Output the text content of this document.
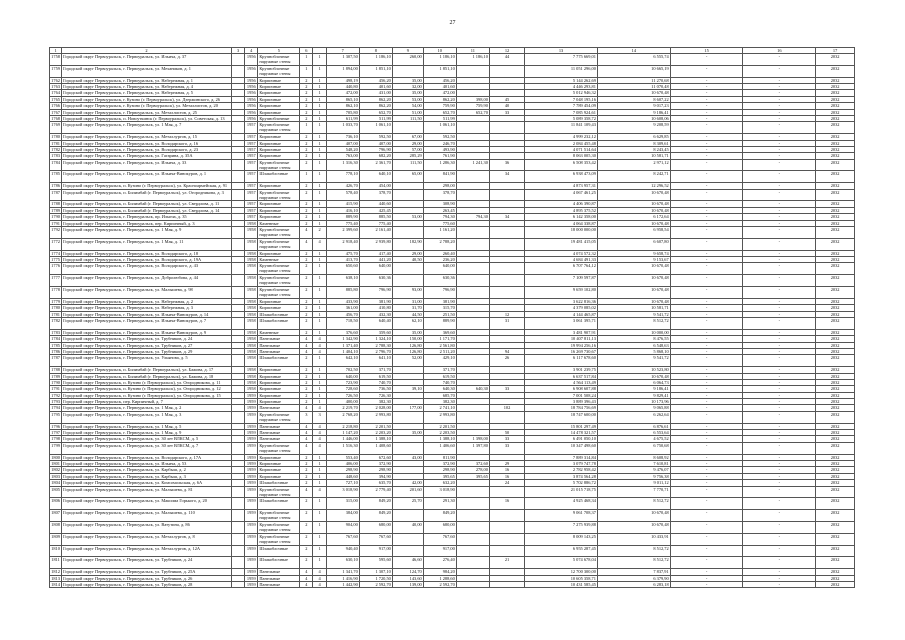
27
1	2	3	4	5	6		7	8	9	10	11	12	13	14	15	16	17
1758	Городской округ Первоуральск, г. Первоуральск, ул. Ильича, д. 37		1956	Крупноблочные
наружные стены	1	1	1 307,50	1 186,10	260,00	1 186,10	1 186,10	44	7 775 669,01	6 555,74	-	-	2032
1759	Городской округ Первоуральск, г. Первоуральск, ул. Механиков, д. 1		1956	Крупноблочные
наружные стены	1	1	1 894,00	1 851,10		1 851,10			11 051 296,00	10 665,19	-	-	2032
1762	Городской округ Первоуральск, г. Первоуральск, ул. Набережная, д. 1		1956	Кирпичные	2	1	498,19	456,20	35,00	456,20			5 144 262,69	11 270,68	-	-	2032
1763	Городской округ Первоуральск, г. Первоуральск, ул. Набережная, д. 4		1956	Кирпичные	2	1	440,80	401,60	32,00	401,60			4 446 293,81	11 070,48	-	-	2032
1764	Городской округ Первоуральск, г. Первоуральск, ул. Набережная, д. 5		1956	Кирпичные	2	1	472,00	431,00	35,00	472,00			5 012 946,32	10 670,48	-	-	2032
1765	Городской округ Первоуральск, г. Кузино (г. Первоуральск), ул. Дзержинского, д. 26		1956	Кирпичные	2	1	865,10	862,20	53,00	862,20	398,00	45	7 048 195,16	8 607,22	-	-	2032
1766	Городской округ Первоуральск, г. Кузино (г. Первоуральск), ул. Металлистов, д. 20		1956	Кирпичные	2	1	862,10	862,20	54,00	759,90	759,90	40	7 789 454,09	9 017,23	-	-	2032
1767	Городской округ Первоуральск, г. Первоуральск, ул. Металлистов, д. 25		1956	Кирпичные	2	1	705,80	652,70	51,00	652,70	652,70	33	7 085 924,61	9 186,41	-	-	2032
1768	Городской округ Первоуральск, п. Новоуткинск (г. Первоуральск), ул. Советская, д. 13		1956	Крупноблочные	2	1	611,99	511,99	111,50	511,99			5 089 358,72	10 608,06	-	-	2032
1769	Городской округ Первоуральск, г. Первоуральск, ул. 1 Мая, д. 7		1957	Крупноблочные
наружные стены	1	1	1 033,70	1 061,10		1 061,10			11 841 109,43	9 208,59	-	-	2032
1780	Городской округ Первоуральск, г. Первоуральск, ул. Металлургов, д. 15		1957	Кирпичные	2	1	736,10	592,50	67,00	592,50			4 999 232,12	6 629,85	-	-	2032
1781	Городской округ Первоуральск, г. Первоуральск, ул. Володарского, д. 16		1957	Кирпичные	2	1	407,00	407,00	29,00	246,70			2 084 455,48	8 309,61	-	-	2032
1782	Городской округ Первоуральск, г. Первоуральск, ул. Володарского, д. 23		1957	Кирпичные	2	1	548,20	796,90	57,00	493,90			4 071 514,64	8 243,45	-	-	2032
1783	Городской округ Первоуральск, г. Первоуральск, ул. Гагарина, д. 35А		1957	Кирпичные	2	1	763,00	682,20	285,29	761,90			8 063 005,30	10 581,71	-	-	2032
1784	Городской округ Первоуральск, г. Первоуральск, ул. Ильича, д. 33		1957	Крупноблочные
наружные стены	2	1	1 316,30	2 361,70	111,50	1 286,30	1 241,30	36	6 508 353,42	2 971,12	-	-	2032
1785	Городской округ Первоуральск, г. Первоуральск, ул. Ильича-Винокуров, д. 1		1957	Шлакоблочные	1	1	778,10	640,10	65,00	841,90		34	6 938 473,09	8 242,71	-	-	2032
1786	Городской округ Первоуральск, п. Кузино (г. Первоуральск), ул. Красноармейская, д. 91		1957	Кирпичные	2	1	426,70	454,00		298,00			4 873 957,31	12 296,52	-	-	2032
1787	Городской округ Первоуральск, п. Билимбай (г. Первоуральск), ул. Огородникова, д. 3		1957	Крупноблочные
наружные стены	2	1	578,40	378,70		378,70			4 067 461,25	10 670,48	-	-	2032
1788	Городской округ Первоуральск, п. Билимбай (г. Первоуральск), ул. Свердлова, д. 11		1957	Кирпичные	2	1	415,90	440,60		308,90			4 406 390,87	10 670,48	-	-	2032
1789	Городской округ Первоуральск, п. Билимбай (г. Первоуральск), ул. Свердлова, д. 14		1957	Кирпичные	2	1	416,10	425,45		263,45			4 895 375,52	10 670,48	-	-	2032
1790	Городской округ Первоуральск, г. Первоуральск, пр. Ильича, д. 35		1957	Кирпичные	2	1	889,90	885,50	53,00	794,30	794,30	34	6 142 358,00	6 172,64	-	-	2032
1791	Городской округ Первоуральск, г. Первоуральск, пер. Кирпичный, д. 3		1958	Каменные	2	1	775,40	775,40		775,60			4 064 338,87	10 670,48	-	-	2032
1792	Городской округ Первоуральск, г. Первоуральск, ул. 1 Мая, д. 9		1958	Крупноблочные
наружные стены	4	2	2 399,60	2 161,40		1 161,20			18 000 000,00	6 958,54	-	-	2032
1772	Городской округ Первоуральск, г. Первоуральск, ул. 1 Мая, д. 11		1958	Крупноблочные
наружные стены	4	4	2 918,40	2 939,80	182,90	2 788,20			19 481 415,05	6 607,80	-	-	2032
1774	Городской округ Первоуральск, г. Первоуральск, ул. Володарского, д. 18		1958	Кирпичные	2	1	475,70	417,40	29,00	260,40			4 074 572,32	9 658,74	-	-	2032
1775	Городской округ Первоуральск, г. Первоуральск, ул. Володарского, д. 19А		1958	Каменные	2	1	413,70	441,20	40,50	236,20			4 684 491,33	9 153,67	-	-	2032
1776	Городской округ Первоуральск, г. Первоуральск, ул. Володарского, д. 43		1958	Крупноблочные
наружные стены	2	1	650,60	640,00		640,00			6 707 764,12	10 670,48	-	-	2032
1777	Городской округ Первоуральск, г. Первоуральск, ул. Добролюбова, д. 44		1958	Крупноблочные
наружные стены	2	1	638,10	630,36		630,36			7 109 597,87	10 670,48	-	-	2032
1778	Городской округ Первоуральск, г. Первоуральск, ул. Малышева, д. 98		1958	Крупноблочные
наружные стены	2	1	885,80	796,90	93,00	796,90			9 659 102,80	10 670,48	-	-	2032
1779	Городской округ Первоуральск, г. Первоуральск, ул. Набережная, д. 2		1958	Кирпичные	2	1	433,90	381,90	31,00	381,90			3 622 816,36	10 670,48	-	-	2032
1780	Городской округ Первоуральск, г. Первоуральск, ул. Набережная, д. 3		1958	Кирпичные	2	1	361,00	410,80	31,70	315,70			4 379 085,02	10 581,71	-	-	2032
1781	Городской округ Первоуральск, г. Первоуральск, ул. Ильича-Винокуров, д. 14		1958	Шлакоблочные	2	1	456,70	432,30	44,50	251,50		12	4 144 465,87	9 541,72	-	-	2032
1782	Городской округ Первоуральск, г. Первоуральск, ул. Ильича-Винокуров, д. 7		1958	Шлакоблочные	2	1	718,50	640,40	62,10	889,90		31	3 061 395,71	8 512,72	-	-	2032
1783	Городской округ Первоуральск, г. Первоуральск, ул. Ильича-Винокуров, д. 9		1958	Каменные	2	1	376,60	359,60	35,00	369,60			3 481 907,91	10 000,00	-	-	2032
1784	Городской округ Первоуральск, г. Первоуральск, ул. Трубников, д. 24		1958	Панельные	4	4	1 342,90	1 324,10	150,00	1 171,70			10 407 811,13	8 476,55	-	-	2032
1785	Городской округ Первоуральск, г. Первоуральск, ул. Трубников, д. 27		1958	Панельные	4	4	1 371,40	2 788,30	126,80	2 561,80			19 994 256,16	6 548,63	-	-	2032
1786	Городской округ Первоуральск, г. Первоуральск, ул. Трубников, д. 29		1958	Панельные	4	4	1 404,10	2 796,70	126,80	2 511,20		94	16 269 730,67	5 868,10	-	-	2032
1787	Городской округ Первоуральск, г. Первоуральск, ул. Ульянова, д. 5		1958	Шлакоблочные	2	1	642,10	641,10	52,00	429,10		26	6 117 678,60	9 541,72	-	-	2032
1788	Городской округ Первоуральск, п. Билимбай (г. Первоуральск), ул. Бажова, д. 17		1958	Кирпичные	2	1	702,50	371,70		371,70			3 901 239,75	10 523,80	-	-	2032
1789	Городской округ Первоуральск, п. Билимбай (г. Первоуральск), ул. Бажова, д. 18		1958	Кирпичные	2	1	640,00	619,50		619,50			6 637 517,84	10 670,48	-	-	2032
1790	Городской округ Первоуральск, п. Кузино (г. Первоуральск), ул. Огородникова, д. 11		1958	Кирпичные	2	1	723,90	740,70		740,70			4 564 113,49	6 064,73	-	-	2032
1791	Городской округ Первоуральск, п. Кузино (г. Первоуральск), ул. Огородникова, д. 12		1958	Кирпичные	2	1	728,60	736,50	39,10	640,30	640,30	33	6 908 607,88	9 186,41	-	-	2032
1792	Городской округ Первоуральск, п. Кузино (г. Первоуральск), ул. Огородникова, д. 15		1959	Кирпичные	2	1	726,50	726,30		685,70			7 001 508,24	9 829,41	-	-	2032
1793	Городской округ Первоуральск, пер. Кирпичный, д. 7		1959	Кирпичные	2	1	400,00	382,30		382,30			3 889 396,43	10 173,96	-	-	2032
1794	Городской округ Первоуральск, г. Первоуральск, ул. 1 Мая, д. 2		1959	Панельные	4	4	2 219,70	2 028,00	177,00	2 741,10		102	18 784 756,69	9 065,88	-	-	2032
1795	Городской округ Первоуральск, г. Первоуральск, ул. 1 Мая, д. 3		1959	Крупноблочные
наружные стены	3	3	2 768,20	2 993,80		2 993,80			18 747 600,00	6 262,64	-	-	2032
1796	Городской округ Первоуральск, г. Первоуральск, ул. 1 Мая, д. 5		1959	Панельные	4	4	2 218,80	2 201,50		2 201,50			15 801 297,49	6 876,61	-	-	2032
1797	Городской округ Первоуральск, г. Первоуральск, ул. 1 Мая, д. 9		1959	Панельные	4	4	1 147,20	2 203,20	35,00	2 203,50		50	14 478 321,57	6 553,64	-	-	2032
1798	Городской округ Первоуральск, г. Первоуральск, ул. 30 лет ВЛКСМ, д. 5		1959	Панельные	4	4	1 446,00	1 388,10		1 388,10	1 398,00	33	6 491 050,10	4 675,52	-	-	2032
1799	Городской округ Первоуральск, г. Первоуральск, ул. 30 лет ВЛКСМ, д. 7		1959	Крупноблочные
наружные стены	4	4	1 516,30	1 408,60		1 406,60	1 397,80	33	10 347 498,60	6 750,68	-	-	2032
1800	Городской округ Первоуральск, г. Первоуральск, ул. Володарского, д. 17А		1959	Кирпичные	2	1	553,40	672,60	43,00	811,90			7 889 314,84	8 608,92	-	-	2032
1801	Городской округ Первоуральск, г. Первоуральск, ул. Ильича, д. 53		1959	Кирпичные	2	1	406,00	372,90		372,90	372,60	29	3 079 747,78	7 610,81	-	-	2032
1802	Городской округ Первоуральск, г. Первоуральск, ул. Карбыш, д. 2		1959	Кирпичные	2	1	298,90	298,90		298,90	278,00	16	2 782 958,42	9 476,07	-	-	2032
1803	Городской округ Первоуральск, г. Первоуральск, ул. Карбыш, д. 3		1959	Кирпичные	2	1	448,60	394,90		395,65	395,65	16	3 874 564,28	9 756,38	-	-	2032
1804	Городской округ Первоуральск, г. Первоуральск, ул. Комсомольская, д. 6А		1959	Шлакоблочные	2	1	727,10	635,70	42,00	632,20		24	5 702 886,72	9 011,12	-	-	2032
1805	Городской округ Первоуральск, г. Первоуральск, ул. Малышева, д. 81		1959	Крупноблочные
наружные стены	4	4	3 018,90	2 779,40	201,60	3 018,90			21 015 718,75	7 770,71	-	-	2032
1806	Городской округ Первоуральск, г. Первоуральск, ул. Максима Горького, д. 20		1959	Шлакоблочные	2	1	315,00	849,20	25,70	291,30		16	4 925 468,34	8 512,72	-	-	2032
1807	Городской округ Первоуральск, г. Первоуральск, ул. Малышева, д. 110		1959	Крупноблочные
наружные стены	2	1	384,00	849,20		849,20			9 061 708,37	10 670,48	-	-	2032
1808	Городской округ Первоуральск, г. Первоуральск, ул. Ватутина, д. 86		1959	Крупноблочные
наружные стены	2	1	904,00	680,00	40,00	680,00			7 275 939,88	10 670,48	-	-	2032
1809	Городской округ Первоуральск, г. Первоуральск, ул. Металлургов, д. 8		1959	Крупноблочные
наружные стены	2	1	767,60	767,60		767,60			8 009 143,25	10 433,91	-	-	2032
1810	Городской округ Первоуральск, г. Первоуральск, ул. Металлургов, д. 12А		1959	Шлакоблочные	2	1	940,40	917,00		917,00			6 955 287,45	8 512,72	-	-	2032
1811	Городской округ Первоуральск, г. Первоуральск, ул. Трубников, д. 24		1959	Шлакоблочные	2	1	630,10	595,60	46,60	276,40		21	5 074 678,04	8 512,72	-	-	2032
1812	Городской округ Первоуральск, г. Первоуральск, ул. Трубников, д. 25А		1959	Панельные	4	4	1 341,70	1 307,10	124,70	984,20			12 700 300,00	7 837,91	-	-	2032
1813	Городской округ Первоуральск, г. Первоуральск, ул. Трубников, д. 26		1959	Панельные	4	4	1 416,90	1 720,50	143,60	1 288,60			10 605 358,71	6 379,90	-	-	2032
1814	Городской округ Первоуральск, г. Первоуральск, ул. Трубников, д. 28		1959	Панельные	4	4	1 442,90	2 592,70	139,00	2 592,70			10 431 585,45	6 283,18	-	-	2032
